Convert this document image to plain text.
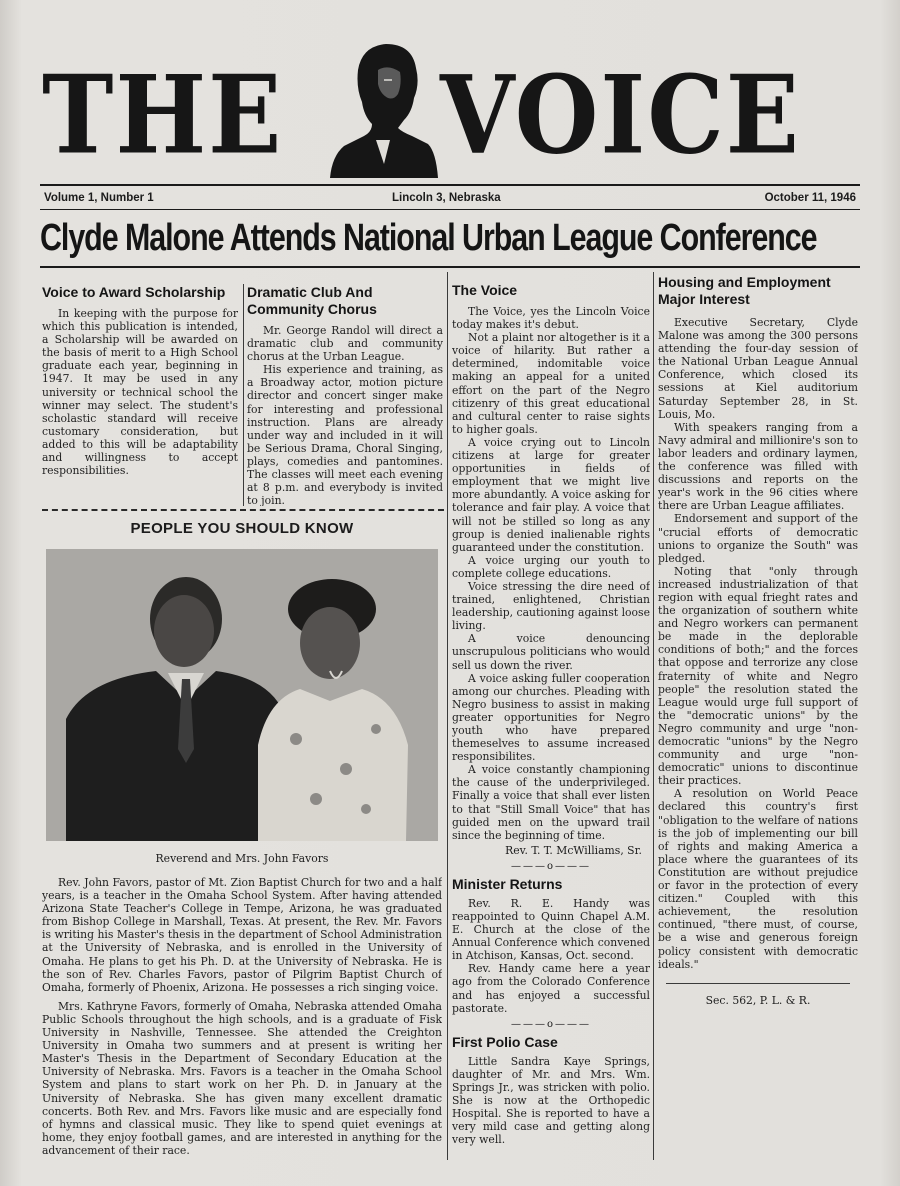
THE VOICE
Volume 1, Number 1	Lincoln 3, Nebraska	October 11, 1946
Clyde Malone Attends National Urban League Conference
Voice to Award Scholarship

In keeping with the purpose for which this publication is intended, a Scholarship will be awarded on the basis of merit to a High School graduate each year, beginning in 1947. It may be used in any university or technical school the winner may select. The student's scholastic standard will receive customary consideration, but added to this will be adaptability and willingness to accept responsibilities.

Dramatic Club And Community Chorus

Mr. George Randol will direct a dramatic club and community chorus at the Urban League.

His experience and training, as a Broadway actor, motion picture director and concert singer make for interesting and professional instruction. Plans are already under way and included in it will be Serious Drama, Choral Singing, plays, comedies and pantomines. The classes will meet each evening at 8 p.m. and everybody is invited to join.

PEOPLE YOU SHOULD KNOW
Reverend and Mrs. John Favors

Rev. John Favors, pastor of Mt. Zion Baptist Church for two and a half years, is a teacher in the Omaha School System. After having attended Arizona State Teacher's College in Tempe, Arizona, he was graduated from Bishop College in Marshall, Texas. At present, the Rev. Mr. Favors is writing his Master's thesis in the department of School Administration at the University of Nebraska, and is enrolled in the University of Omaha. He plans to get his Ph. D. at the University of Nebraska. He is the son of Rev. Charles Favors, pastor of Pilgrim Baptist Church of Omaha, formerly of Phoenix, Arizona. He possesses a rich singing voice.

Mrs. Kathryne Favors, formerly of Omaha, Nebraska attended Omaha Public Schools throughout the high schools, and is a graduate of Fisk University in Nashville, Tennessee. She attended the Creighton University in Omaha two summers and at present is writing her Master's Thesis in the Department of Secondary Education at the University of Nebraska. Mrs. Favors is a teacher in the Omaha School System and plans to start work on her Ph. D. in January at the University of Nebraska. She has given many excellent dramatic concerts. Both Rev. and Mrs. Favors like music and are especially fond of hymns and classical music. They like to spend quiet evenings at home, they enjoy football games, and are interested in anything for the advancement of their race.

The Voice

The Voice, yes the Lincoln Voice today makes it's debut.

Not a plaint nor altogether is it a voice of hilarity. But rather a determined, indomitable voice making an appeal for a united effort on the part of the Negro citizenry of this great educational and cultural center to raise sights to higher goals.

A voice crying out to Lincoln citizens at large for greater opportunities in fields of employment that we might live more abundantly. A voice asking for tolerance and fair play. A voice that will not be stilled so long as any group is denied inalienable rights guaranteed under the constitution.

A voice urging our youth to complete college educations.

Voice stressing the dire need of trained, enlightened, Christian leadership, cautioning against loose living.

A voice denouncing unscrupulous politicians who would sell us down the river.

A voice asking fuller cooperation among our churches. Pleading with Negro business to assist in making greater opportunities for Negro youth who have prepared themeselves to assume increased responsibilites.

A voice constantly championing the cause of the underprivileged. Finally a voice that shall ever listen to that "Still Small Voice" that has guided men on the upward trail since the beginning of time.

Rev. T. T. McWilliams, Sr.
———o———
Minister Returns

Rev. R. E. Handy was reappointed to Quinn Chapel A.M. E. Church at the close of the Annual Conference which convened in Atchison, Kansas, Oct. second.

Rev. Handy came here a year ago from the Colorado Conference and has enjoyed a successful pastorate.

———o———
First Polio Case

Little Sandra Kaye Springs, daughter of Mr. and Mrs. Wm. Springs Jr., was stricken with polio. She is now at the Orthopedic Hospital. She is reported to have a very mild case and getting along very well.

Housing and Employment Major Interest

Executive Secretary, Clyde Malone was among the 300 persons attending the four-day session of the National Urban League Annual Conference, which closed its sessions at Kiel auditorium Saturday September 28, in St. Louis, Mo.

With speakers ranging from a Navy admiral and millionire's son to labor leaders and ordinary laymen, the conference was filled with discussions and reports on the year's work in the 96 cities where there are Urban League affiliates.

Endorsement and support of the "crucial efforts of democratic unions to organize the South" was pledged.

Noting that "only through increased industrialization of that region with equal frieght rates and the organization of southern white and Negro workers can permanent be made in the deplorable conditions of both;" and the forces that oppose and terrorize any close fraternity of white and Negro people" the resolution stated the League would urge full support of the "democratic unions" by the Negro community and urge "non-democratic "unions" by the Negro community and urge "non-democratic" unions to discontinue their practices.

A resolution on World Peace declared this country's first "obligation to the welfare of nations is the job of implementing our bill of rights and making America a place where the guarantees of its Constitution are without prejudice or favor in the protection of every citizen." Coupled with this achievement, the resolution continued, "there must, of course, be a wise and generous foreign policy consistent with democratic ideals."

Sec. 562, P. L. & R.
